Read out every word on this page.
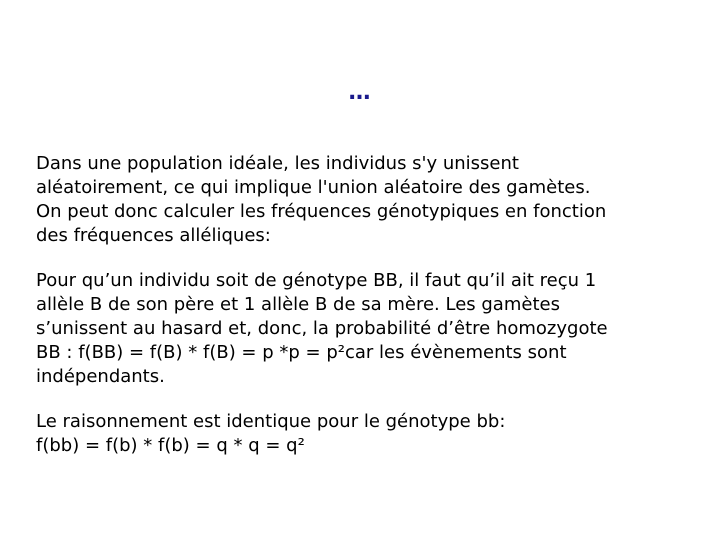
…

Dans une population idéale, les individus s'y unissent
aléatoirement, ce qui implique l'union aléatoire des gamètes.
On peut donc calculer les fréquences génotypiques en fonction
des fréquences alléliques:

Pour qu’un individu soit de génotype BB, il faut qu’il ait reçu 1
allèle B de son père et 1 allèle B de sa mère. Les gamètes
s’unissent au hasard et, donc, la probabilité d’être homozygote
BB : f(BB) = f(B) * f(B) = p *p = p²car les évènements sont
indépendants.

Le raisonnement est identique pour le génotype bb:
f(bb) = f(b) * f(b) = q * q = q²
